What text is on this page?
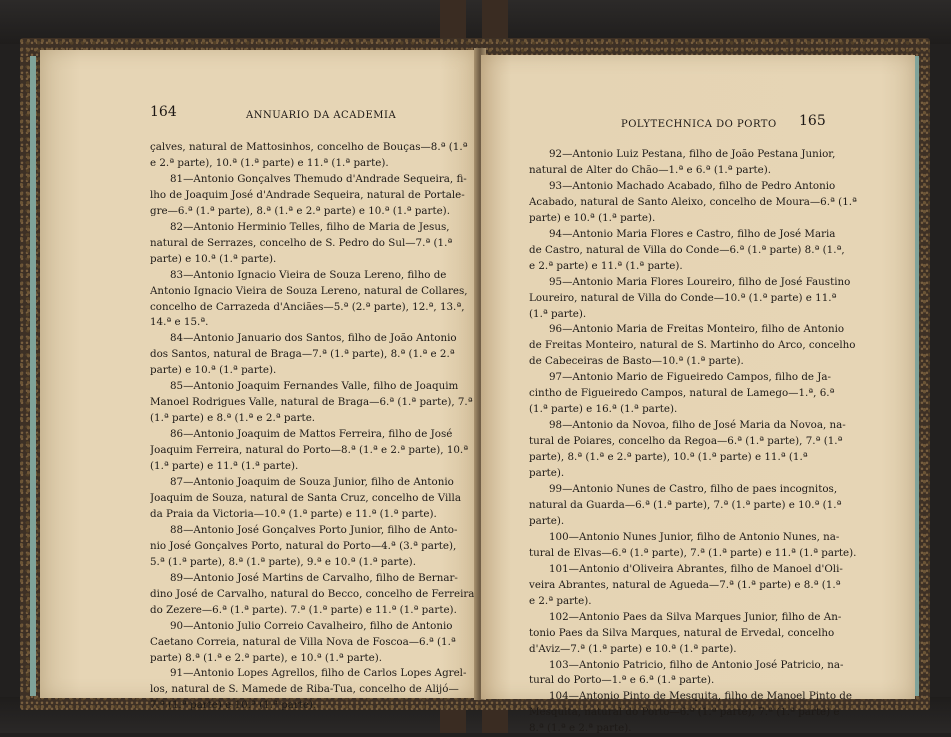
164	ANNUARIO DA ACADEMIA
çalves, natural de Mattosinhos, concelho de Bouças—8.ª (1.ª
e 2.ª parte), 10.ª (1.ª parte) e 11.ª (1.ª parte).
81—Antonio Gonçalves Themudo d'Andrade Sequeira, fi-
lho de Joaquim José d'Andrade Sequeira, natural de Portale-
gre—6.ª (1.ª parte), 8.ª (1.ª e 2.ª parte) e 10.ª (1.ª parte).
82—Antonio Herminio Telles, filho de Maria de Jesus,
natural de Serrazes, concelho de S. Pedro do Sul—7.ª (1.ª
parte) e 10.ª (1.ª parte).
83—Antonio Ignacio Vieira de Souza Lereno, filho de
Antonio Ignacio Vieira de Souza Lereno, natural de Collares,
concelho de Carrazeda d'Anciães—5.ª (2.ª parte), 12.ª, 13.ª,
14.ª e 15.ª.
84—Antonio Januario dos Santos, filho de João Antonio
dos Santos, natural de Braga—7.ª (1.ª parte), 8.ª (1.ª e 2.ª
parte) e 10.ª (1.ª parte).
85—Antonio Joaquim Fernandes Valle, filho de Joaquim
Manoel Rodrigues Valle, natural de Braga—6.ª (1.ª parte), 7.ª
(1.ª parte) e 8.ª (1.ª e 2.ª parte.
86—Antonio Joaquim de Mattos Ferreira, filho de José
Joaquim Ferreira, natural do Porto—8.ª (1.ª e 2.ª parte), 10.ª
(1.ª parte) e 11.ª (1.ª parte).
87—Antonio Joaquim de Souza Junior, filho de Antonio
Joaquim de Souza, natural de Santa Cruz, concelho de Villa
da Praia da Victoria—10.ª (1.ª parte) e 11.ª (1.ª parte).
88—Antonio José Gonçalves Porto Junior, filho de Anto-
nio José Gonçalves Porto, natural do Porto—4.ª (3.ª parte),
5.ª (1.ª parte), 8.ª (1.ª parte), 9.ª e 10.ª (1.ª parte).
89—Antonio José Martins de Carvalho, filho de Bernar-
dino José de Carvalho, natural do Becco, concelho de Ferreira
do Zezere—6.ª (1.ª parte). 7.ª (1.ª parte) e 11.ª (1.ª parte).
90—Antonio Julio Correio Cavalheiro, filho de Antonio
Caetano Correia, natural de Villa Nova de Foscoa—6.ª (1.ª
parte) 8.ª (1.ª e 2.ª parte), e 10.ª (1.ª parte).
91—Antonio Lopes Agrellos, filho de Carlos Lopes Agrel-
los, natural de S. Mamede de Riba-Tua, concelho de Alijó—
7.ª (1.ª parte) e 10.ª (1.ª parte).
POLYTECHNICA DO PORTO 165
92—Antonio Luiz Pestana, filho de João Pestana Junior,
natural de Alter do Chão—1.ª e 6.ª (1.ª parte).
93—Antonio Machado Acabado, filho de Pedro Antonio
Acabado, natural de Santo Aleixo, concelho de Moura—6.ª (1.ª
parte) e 10.ª (1.ª parte).
94—Antonio Maria Flores e Castro, filho de José Maria
de Castro, natural de Villa do Conde—6.ª (1.ª parte) 8.ª (1.ª,
e 2.ª parte) e 11.ª (1.ª parte).
95—Antonio Maria Flores Loureiro, filho de José Faustino
Loureiro, natural de Villa do Conde—10.ª (1.ª parte) e 11.ª
(1.ª parte).
96—Antonio Maria de Freitas Monteiro, filho de Antonio
de Freitas Monteiro, natural de S. Martinho do Arco, concelho
de Cabeceiras de Basto—10.ª (1.ª parte).
97—Antonio Mario de Figueiredo Campos, filho de Ja-
cintho de Figueiredo Campos, natural de Lamego—1.ª, 6.ª
(1.ª parte) e 16.ª (1.ª parte).
98—Antonio da Novoa, filho de José Maria da Novoa, na-
tural de Poiares, concelho da Regoa—6.ª (1.ª parte), 7.ª (1.ª
parte), 8.ª (1.ª e 2.ª parte), 10.ª (1.ª parte) e 11.ª (1.ª
parte).
99—Antonio Nunes de Castro, filho de paes incognitos,
natural da Guarda—6.ª (1.ª parte), 7.ª (1.ª parte) e 10.ª (1.ª
parte).
100—Antonio Nunes Junior, filho de Antonio Nunes, na-
tural de Elvas—6.ª (1.ª parte), 7.ª (1.ª parte) e 11.ª (1.ª parte).
101—Antonio d'Oliveira Abrantes, filho de Manoel d'Oli-
veira Abrantes, natural de Agueda—7.ª (1.ª parte) e 8.ª (1.ª
e 2.ª parte).
102—Antonio Paes da Silva Marques Junior, filho de An-
tonio Paes da Silva Marques, natural de Ervedal, concelho
d'Aviz—7.ª (1.ª parte) e 10.ª (1.ª parte).
103—Antonio Patricio, filho de Antonio José Patricio, na-
tural do Porto—1.ª e 6.ª (1.ª parte).
104—Antonio Pinto de Mesquita, filho de Manoel Pinto de
Mesquita, natural do Porto—6.ª (1.ª parte), 7.ª (1.ª parte) e
8.ª (1.ª e 2.ª parte).
